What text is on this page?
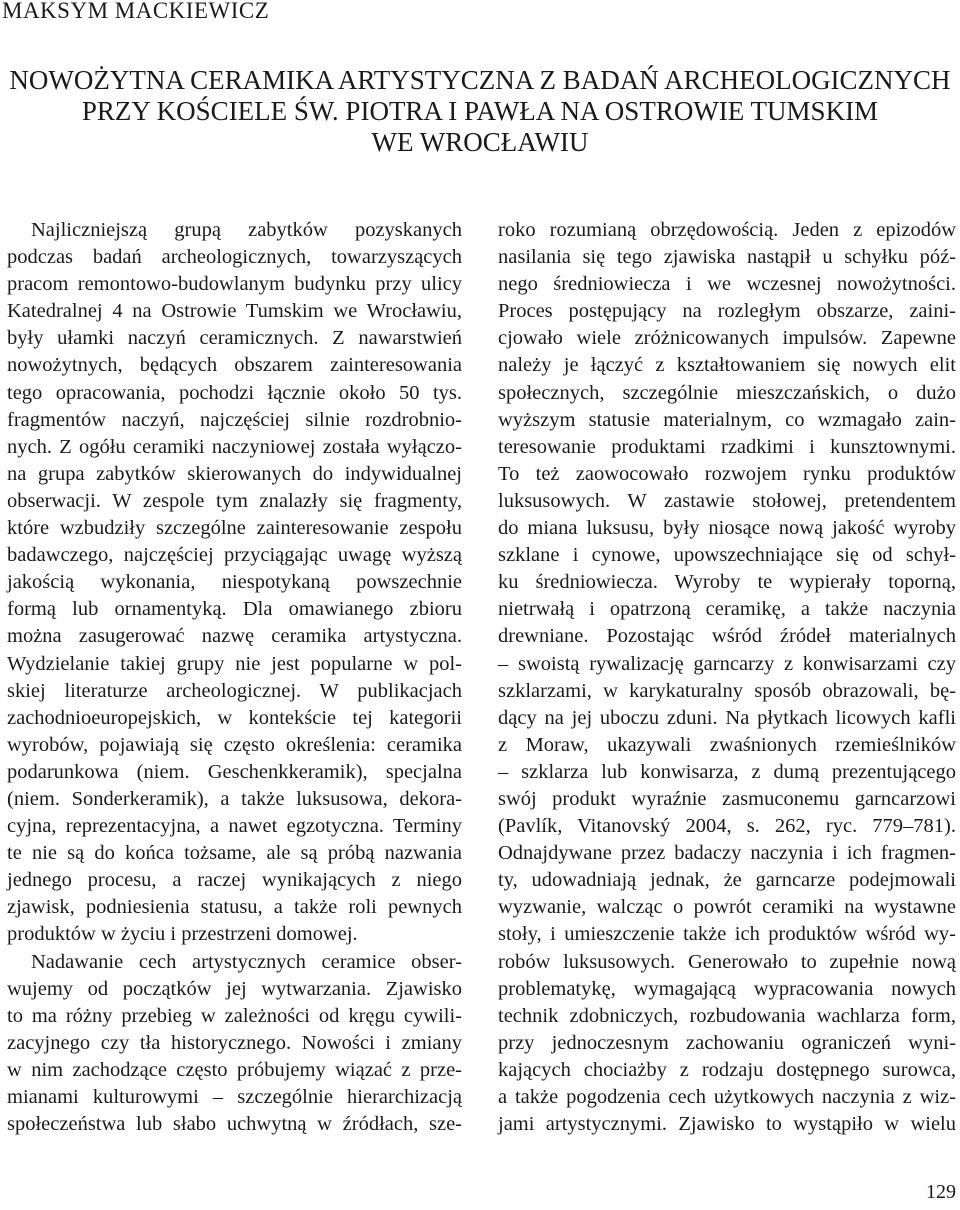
MAKSYM MACKIEWICZ
NOWOŻYTNA CERAMIKA ARTYSTYCZNA Z BADAŃ ARCHEOLOGICZNYCH
PRZY KOŚCIELE ŚW. PIOTRA I PAWŁA NA OSTROWIE TUMSKIM
WE WROCŁAWIU
Najliczniejszą grupą zabytków pozyskanych
podczas badań archeologicznych, towarzyszących
pracom remontowo-budowlanym budynku przy ulicy
Katedralnej 4 na Ostrowie Tumskim we Wrocławiu,
były ułamki naczyń ceramicznych. Z nawarstwień
nowożytnych, będących obszarem zainteresowania
tego opracowania, pochodzi łącznie około 50 tys.
fragmentów naczyń, najczęściej silnie rozdrobnio-
nych. Z ogółu ceramiki naczyniowej została wyłączo-
na grupa zabytków skierowanych do indywidualnej
obserwacji. W zespole tym znalazły się fragmenty,
które wzbudziły szczególne zainteresowanie zespołu
badawczego, najczęściej przyciągając uwagę wyższą
jakością wykonania, niespotykaną powszechnie
formą lub ornamentyką. Dla omawianego zbioru
można zasugerować nazwę ceramika artystyczna.
Wydzielanie takiej grupy nie jest popularne w pol-
skiej literaturze archeologicznej. W publikacjach
zachodnioeuropejskich, w kontekście tej kategorii
wyrobów, pojawiają się często określenia: ceramika
podarunkowa (niem. Geschenkkeramik), specjalna
(niem. Sonderkeramik), a także luksusowa, dekora-
cyjna, reprezentacyjna, a nawet egzotyczna. Terminy
te nie są do końca tożsame, ale są próbą nazwania
jednego procesu, a raczej wynikających z niego
zjawisk, podniesienia statusu, a także roli pewnych
produktów w życiu i przestrzeni domowej.
Nadawanie cech artystycznych ceramice obser-
wujemy od początków jej wytwarzania. Zjawisko
to ma różny przebieg w zależności od kręgu cywili-
zacyjnego czy tła historycznego. Nowości i zmiany
w nim zachodzące często próbujemy wiązać z prze-
mianami kulturowymi – szczególnie hierarchizacją
społeczeństwa lub słabo uchwytną w źródłach, sze-
roko rozumianą obrzędowością. Jeden z epizodów
nasilania się tego zjawiska nastąpił u schyłku póź-
nego średniowiecza i we wczesnej nowożytności.
Proces postępujący na rozległym obszarze, zaini-
cjowało wiele zróżnicowanych impulsów. Zapewne
należy je łączyć z kształtowaniem się nowych elit
społecznych, szczególnie mieszczańskich, o dużo
wyższym statusie materialnym, co wzmagało zain-
teresowanie produktami rzadkimi i kunsztownymi.
To też zaowocowało rozwojem rynku produktów
luksusowych. W zastawie stołowej, pretendentem
do miana luksusu, były niosące nową jakość wyroby
szklane i cynowe, upowszechniające się od schył-
ku średniowiecza. Wyroby te wypierały toporną,
nietrwałą i opatrzoną ceramikę, a także naczynia
drewniane. Pozostając wśród źródeł materialnych
– swoistą rywalizację garncarzy z konwisarzami czy
szklarzami, w karykaturalny sposób obrazowali, bę-
dący na jej uboczu zduni. Na płytkach licowych kafli
z Moraw, ukazywali zwaśnionych rzemieślników
– szklarza lub konwisarza, z dumą prezentującego
swój produkt wyraźnie zasmuconemu garncarzowi
(Pavlík, Vitanovský 2004, s. 262, ryc. 779–781).
Odnajdywane przez badaczy naczynia i ich fragmen-
ty, udowadniają jednak, że garncarze podejmowali
wyzwanie, walcząc o powrót ceramiki na wystawne
stoły, i umieszczenie także ich produktów wśród wy-
robów luksusowych. Generowało to zupełnie nową
problematykę, wymagającą wypracowania nowych
technik zdobniczych, rozbudowania wachlarza form,
przy jednoczesnym zachowaniu ograniczeń wyni-
kających chociażby z rodzaju dostępnego surowca,
a także pogodzenia cech użytkowych naczynia z wiz-
jami artystycznymi. Zjawisko to wystąpiło w wielu
129
